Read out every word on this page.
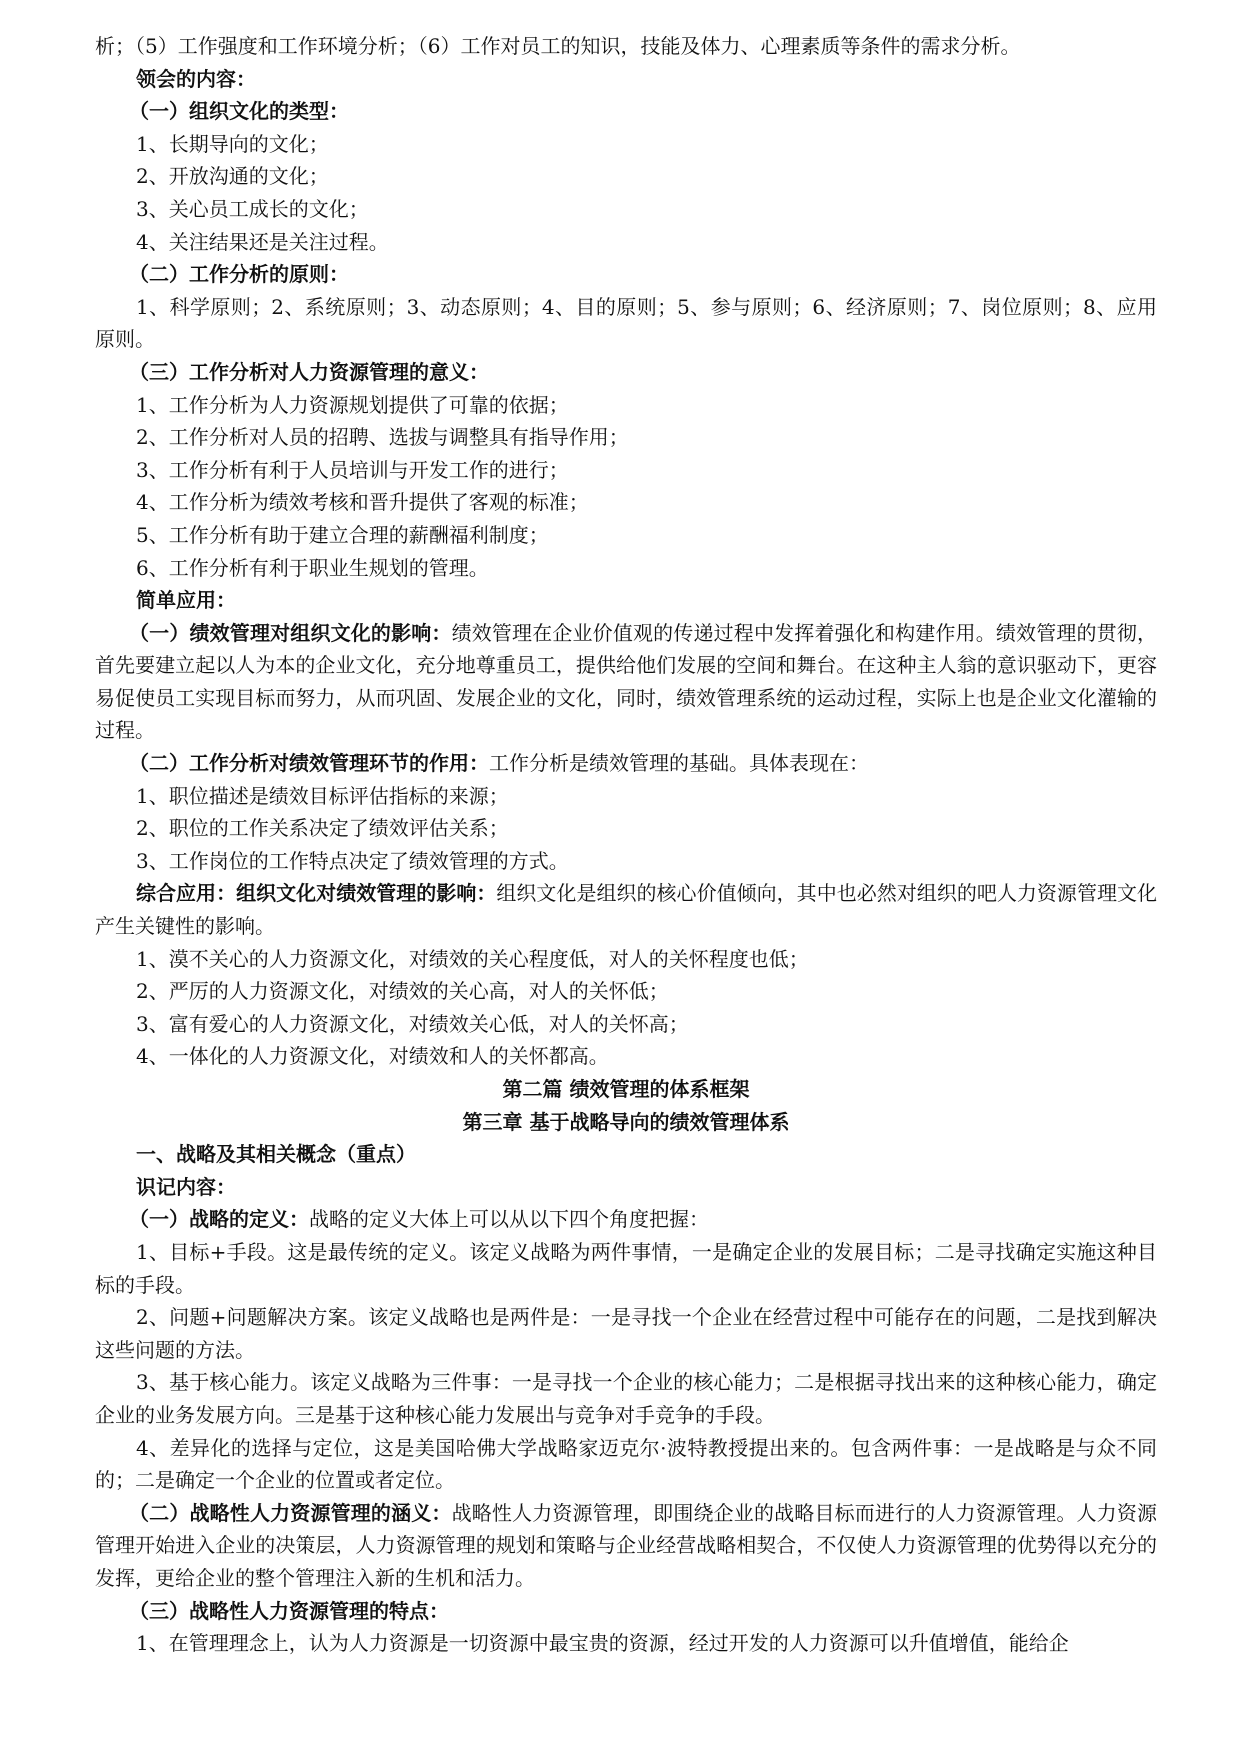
析；（5）工作强度和工作环境分析；（6）工作对员工的知识，技能及体力、心理素质等条件的需求分析。

领会的内容：

（一）组织文化的类型：

1、长期导向的文化；

2、开放沟通的文化；

3、关心员工成长的文化；

4、关注结果还是关注过程。

（二）工作分析的原则：

1、科学原则；2、系统原则；3、动态原则；4、目的原则；5、参与原则；6、经济原则；7、岗位原则；8、应用原则。

（三）工作分析对人力资源管理的意义：

1、工作分析为人力资源规划提供了可靠的依据；

2、工作分析对人员的招聘、选拔与调整具有指导作用；

3、工作分析有利于人员培训与开发工作的进行；

4、工作分析为绩效考核和晋升提供了客观的标准；

5、工作分析有助于建立合理的薪酬福利制度；

6、工作分析有利于职业生规划的管理。

简单应用：

（一）绩效管理对组织文化的影响：绩效管理在企业价值观的传递过程中发挥着强化和构建作用。绩效管理的贯彻，首先要建立起以人为本的企业文化，充分地尊重员工，提供给他们发展的空间和舞台。在这种主人翁的意识驱动下，更容易促使员工实现目标而努力，从而巩固、发展企业的文化，同时，绩效管理系统的运动过程，实际上也是企业文化灌输的过程。

（二）工作分析对绩效管理环节的作用：工作分析是绩效管理的基础。具体表现在：

1、职位描述是绩效目标评估指标的来源；

2、职位的工作关系决定了绩效评估关系；

3、工作岗位的工作特点决定了绩效管理的方式。

综合应用：组织文化对绩效管理的影响：组织文化是组织的核心价值倾向，其中也必然对组织的吧人力资源管理文化产生关键性的影响。

1、漠不关心的人力资源文化，对绩效的关心程度低，对人的关怀程度也低；

2、严厉的人力资源文化，对绩效的关心高，对人的关怀低；

3、富有爱心的人力资源文化，对绩效关心低，对人的关怀高；

4、一体化的人力资源文化，对绩效和人的关怀都高。

第二篇 绩效管理的体系框架

第三章 基于战略导向的绩效管理体系

一、战略及其相关概念（重点）

识记内容：

（一）战略的定义：战略的定义大体上可以从以下四个角度把握：

1、目标+手段。这是最传统的定义。该定义战略为两件事情，一是确定企业的发展目标；二是寻找确定实施这种目标的手段。

2、问题+问题解决方案。该定义战略也是两件是：一是寻找一个企业在经营过程中可能存在的问题，二是找到解决这些问题的方法。

3、基于核心能力。该定义战略为三件事：一是寻找一个企业的核心能力；二是根据寻找出来的这种核心能力，确定企业的业务发展方向。三是基于这种核心能力发展出与竞争对手竞争的手段。

4、差异化的选择与定位，这是美国哈佛大学战略家迈克尔·波特教授提出来的。包含两件事：一是战略是与众不同的；二是确定一个企业的位置或者定位。

（二）战略性人力资源管理的涵义：战略性人力资源管理，即围绕企业的战略目标而进行的人力资源管理。人力资源管理开始进入企业的决策层，人力资源管理的规划和策略与企业经营战略相契合，不仅使人力资源管理的优势得以充分的发挥，更给企业的整个管理注入新的生机和活力。

（三）战略性人力资源管理的特点：

1、在管理理念上，认为人力资源是一切资源中最宝贵的资源，经过开发的人力资源可以升值增值，能给企
